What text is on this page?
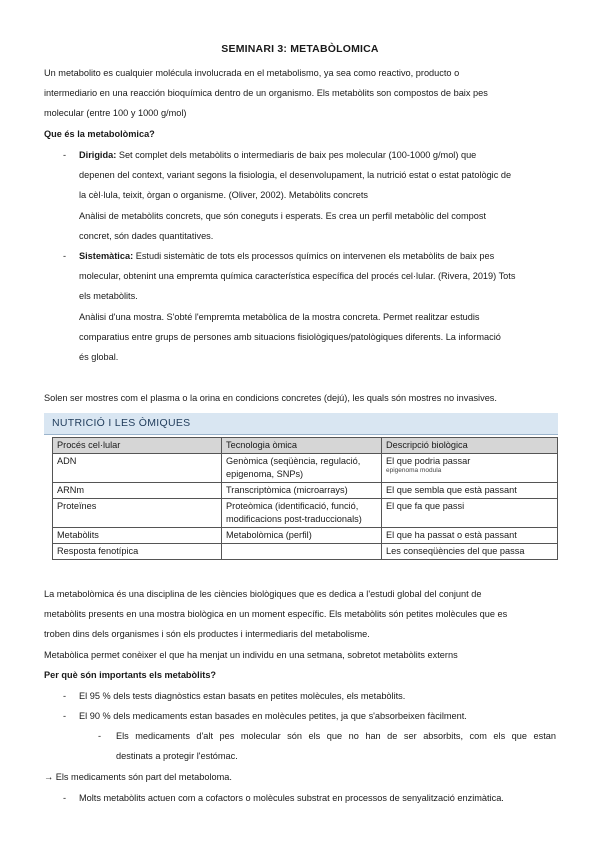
SEMINARI 3: METABÒLOMICA
Un metabolito es cualquier molécula involucrada en el metabolismo, ya sea como reactivo, producto o
intermediario en una reacción bioquímica dentro de un organismo. Els metabòlits son compostos de baix pes
molecular (entre 100 y 1000 g/mol)
Que és la metabolòmica?
- Dirigida: Set complet dels metabòlits o intermediaris de baix pes molecular (100-1000 g/mol) que
depenen del context, variant segons la fisiologia, el desenvolupament, la nutrició estat o estat patològic de
la cèl·lula, teixit, òrgan o organisme. (Oliver, 2002). Metabòlits concrets
Anàlisi de metabòlits concrets, que són coneguts i esperats. Es crea un perfil metabòlic del compost
concret, són dades quantitatives.
- Sistemàtica: Estudi sistemàtic de tots els processos químics on intervenen els metabòlits de baix pes
molecular, obtenint una empremta química característica específica del procés cel·lular. (Rivera, 2019) Tots
els metabòlits.
Anàlisi d'una mostra. S'obté l'empremta metabòlica de la mostra concreta. Permet realitzar estudis
comparatius entre grups de persones amb situacions fisiològiques/patològiques diferents. La informació
és global.
Solen ser mostres com el plasma o la orina en condicions concretes (dejú), les quals són mostres no invasives.
NUTRICIÓ I LES ÒMIQUES
Procés cel·lular	Tecnologia òmica	Descripció biològica
ADN	Genòmica (seqüència, regulació, epigenoma, SNPs)	El que podria passar
epigenoma modula

ARNm	Transcriptòmica (microarrays)	El que sembla que està passant
Proteïnes	Proteòmica (identificació, funció, modificacions post-traduccionals)	El que fa que passi
Metabòlits	Metabolòmica (perfil)	El que ha passat o està passant
Resposta fenotípica		Les conseqüències del que passa
La metabolòmica és una disciplina de les ciències biològiques que es dedica a l'estudi global del conjunt de
metabòlits presents en una mostra biològica en un moment específic. Els metabòlits són petites molècules que es
troben dins dels organismes i són els productes i intermediaris del metabolisme.
Metabòlica permet conèixer el que ha menjat un individu en una setmana, sobretot metabòlits externs
Per què són importants els metabòlits?
- El 95 % dels tests diagnòstics estan basats en petites molècules, els metabòlits.
- El 90 % dels medicaments estan basades en molècules petites, ja que s'absorbeixen fàcilment.
- Els medicaments d'alt pes molecular són els que no han de ser absorbits, com els que estan
destinats a protegir l'estómac.
→ Els medicaments són part del metaboloma.
- Molts metabòlits actuen com a cofactors o molècules substrat en processos de senyalització enzimàtica.
